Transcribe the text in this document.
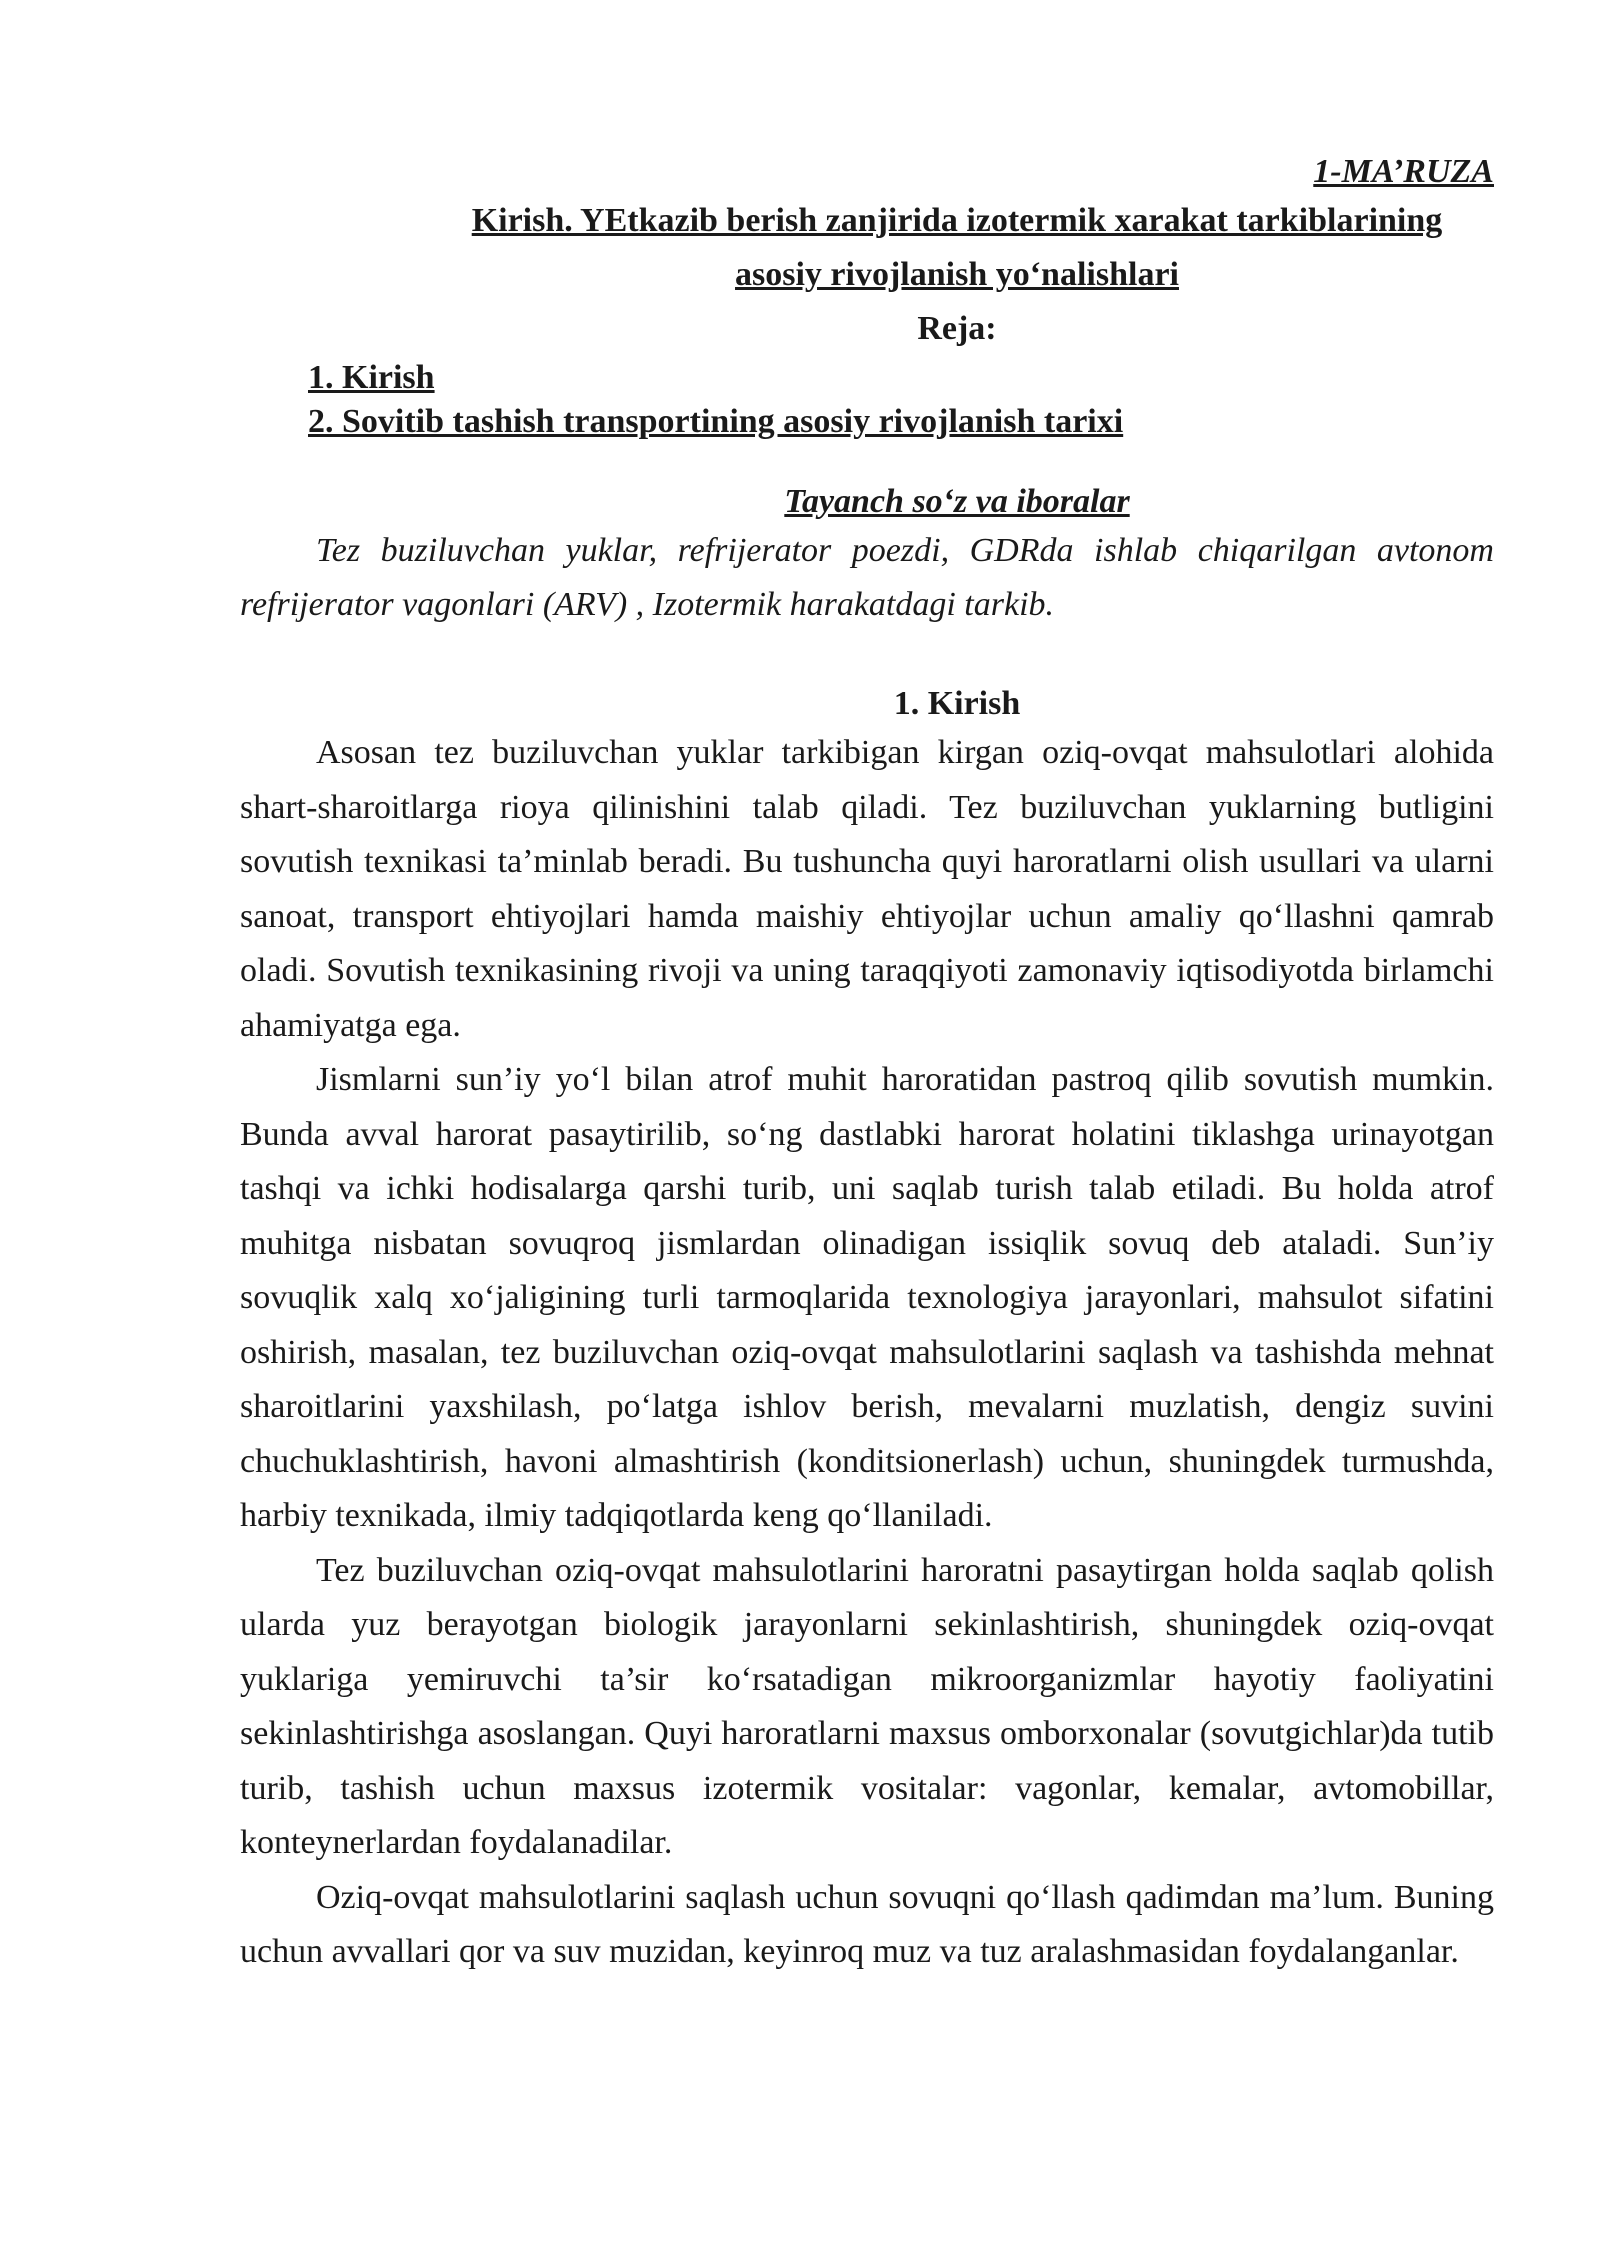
1-MA’RUZA

Kirish. YEtkazib berish zanjirida izotermik xarakat tarkiblarining

asosiy rivojlanish yo‘nalishlari

Reja:

1. Kirish
2. Sovitib tashish transportining asosiy rivojlanish tarixi

Tayanch so‘z va iboralar

Tez buziluvchan yuklar, refrijerator poezdi, GDRda ishlab chiqarilgan avtonom refrijerator vagonlari (ARV) , Izotermik harakatdagi tarkib.

1. Kirish

Asosan tez buziluvchan yuklar tarkibigan kirgan oziq-ovqat mahsulotlari alohida shart-sharoitlarga rioya qilinishini talab qiladi. Tez buziluvchan yuklarning butligini sovutish texnikasi ta’minlab beradi. Bu tushuncha quyi haroratlarni olish usullari va ularni sanoat, transport ehtiyojlari hamda maishiy ehtiyojlar uchun amaliy qo‘llashni qamrab oladi. Sovutish texnikasining rivoji va uning taraqqiyoti zamonaviy iqtisodiyotda birlamchi ahamiyatga ega.

Jismlarni sun’iy yo‘l bilan atrof muhit haroratidan pastroq qilib sovutish mumkin. Bunda avval harorat pasaytirilib, so‘ng dastlabki harorat holatini tiklashga urinayotgan tashqi va ichki hodisalarga qarshi turib, uni saqlab turish talab etiladi. Bu holda atrof muhitga nisbatan sovuqroq jismlardan olinadigan issiqlik sovuq deb ataladi. Sun’iy sovuqlik xalq xo‘jaligining turli tarmoqlarida texnologiya jarayonlari, mahsulot sifatini oshirish, masalan, tez buziluvchan oziq-ovqat mahsulotlarini saqlash va tashishda mehnat sharoitlarini yaxshilash, po‘latga ishlov berish, mevalarni muzlatish, dengiz suvini chuchuklashtirish, havoni almashtirish (konditsionerlash) uchun, shuningdek turmushda, harbiy texnikada, ilmiy tadqiqotlarda keng qo‘llaniladi.

Tez buziluvchan oziq-ovqat mahsulotlarini haroratni pasaytirgan holda saqlab qolish ularda yuz berayotgan biologik jarayonlarni sekinlashtirish, shuningdek oziq-ovqat yuklariga yemiruvchi ta’sir ko‘rsatadigan mikroorganizmlar hayotiy faoliyatini sekinlashtirishga asoslangan. Quyi haroratlarni maxsus omborxonalar (sovutgichlar)da tutib turib, tashish uchun maxsus izotermik vositalar: vagonlar, kemalar, avtomobillar, konteynerlardan foydalanadilar.

Oziq-ovqat mahsulotlarini saqlash uchun sovuqni qo‘llash qadimdan ma’lum. Buning uchun avvallari qor va suv muzidan, keyinroq muz va tuz aralashmasidan foydalanganlar.
